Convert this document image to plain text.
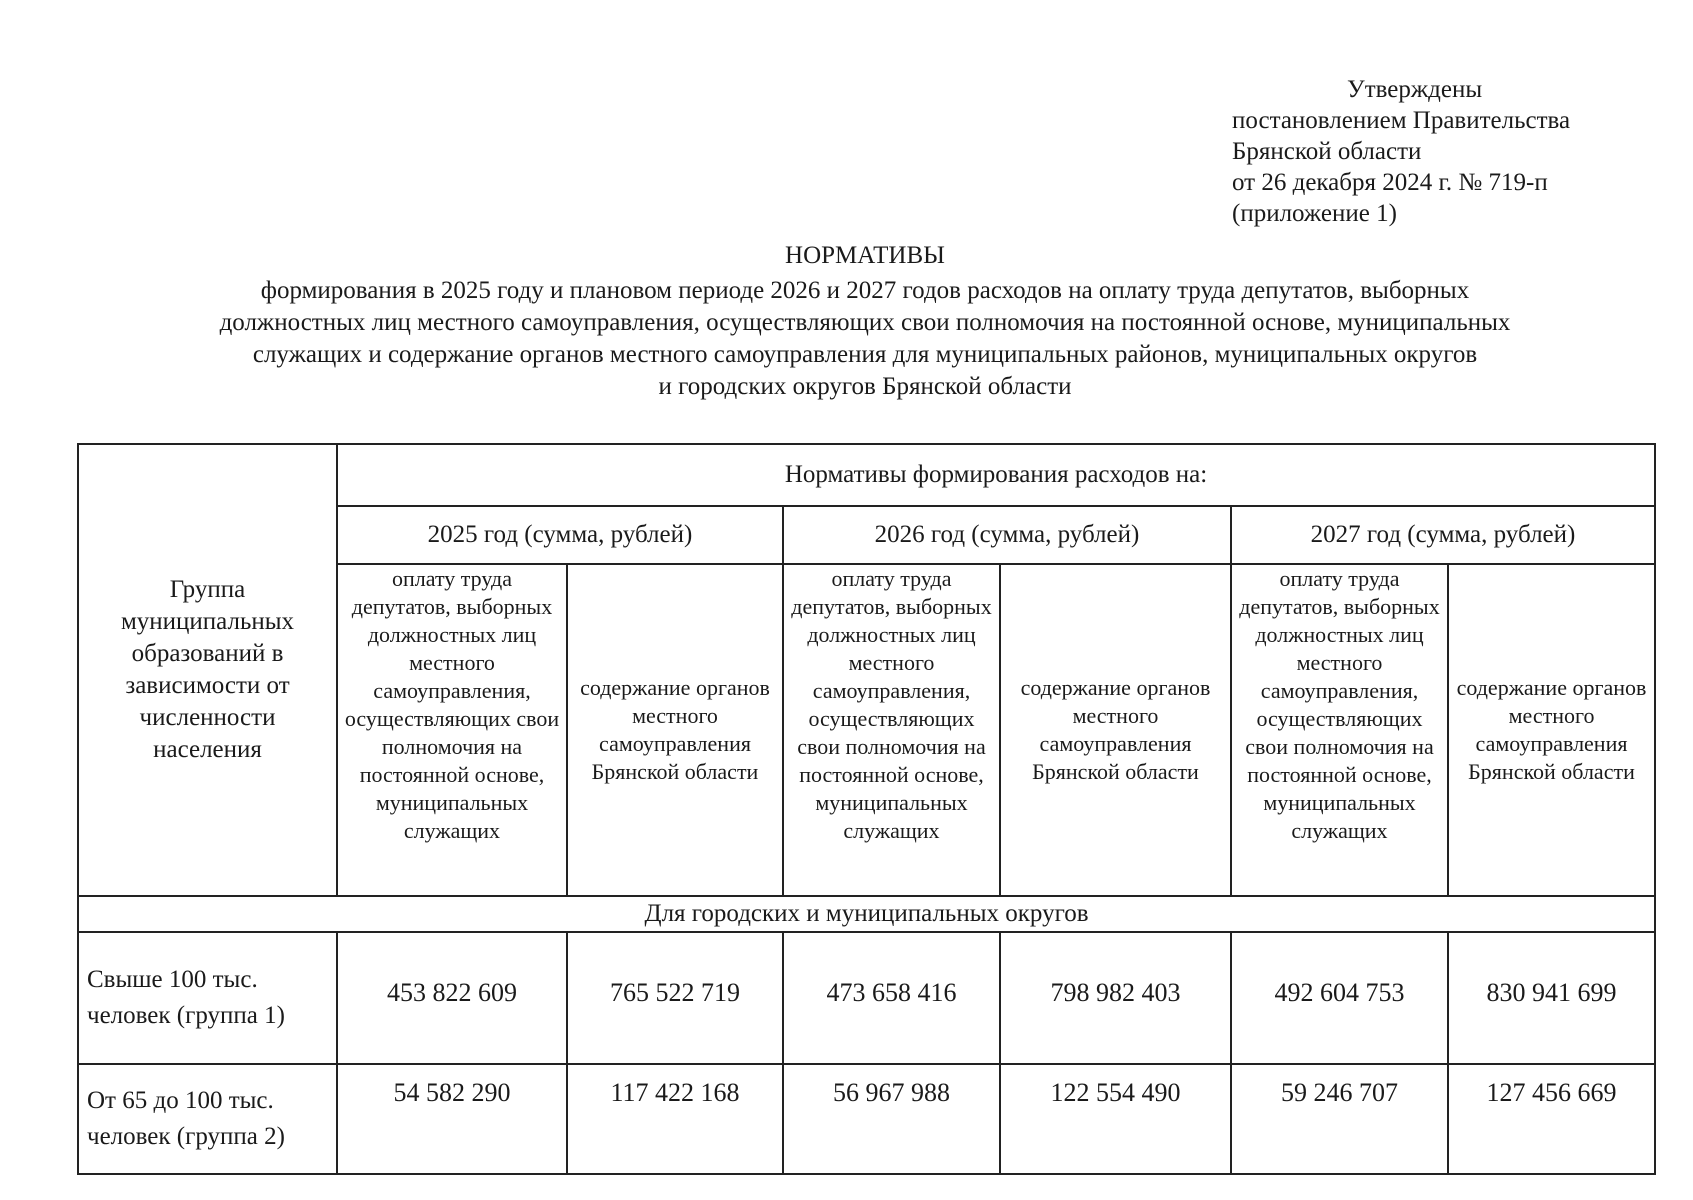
Утверждены
постановлением Правительства
Брянской области
от 26 декабря 2024 г. № 719-п
(приложение 1)
НОРМАТИВЫ
формирования в 2025 году и плановом периоде 2026 и 2027 годов расходов на оплату труда депутатов, выборных
должностных лиц местного самоуправления, осуществляющих свои полномочия на постоянной основе, муниципальных
служащих и содержание органов местного самоуправления для муниципальных районов, муниципальных округов
и городских округов Брянской области
Группа муниципальных образований в зависимости от численности населения	Нормативы формирования расходов на:					
	2025 год (сумма, рублей)		2026 год (сумма, рублей)		2027 год (сумма, рублей)	
	оплату труда депутатов, выборных должностных лиц местного самоуправления, осуществляющих свои полномочия на постоянной основе, муниципальных служащих	содержание органов местного самоуправления Брянской области	оплату труда депутатов, выборных должностных лиц местного самоуправления, осуществляющих свои полномочия на постоянной основе, муниципальных служащих	содержание органов местного самоуправления Брянской области	оплату труда депутатов, выборных должностных лиц местного самоуправления, осуществляющих свои полномочия на постоянной основе, муниципальных служащих	содержание органов местного самоуправления Брянской области
Для городских и муниципальных округов						
Свыше 100 тыс. человек (группа 1)	453 822 609	765 522 719	473 658 416	798 982 403	492 604 753	830 941 699
От 65 до 100 тыс. человек (группа 2)	54 582 290	117 422 168	56 967 988	122 554 490	59 246 707	127 456 669
